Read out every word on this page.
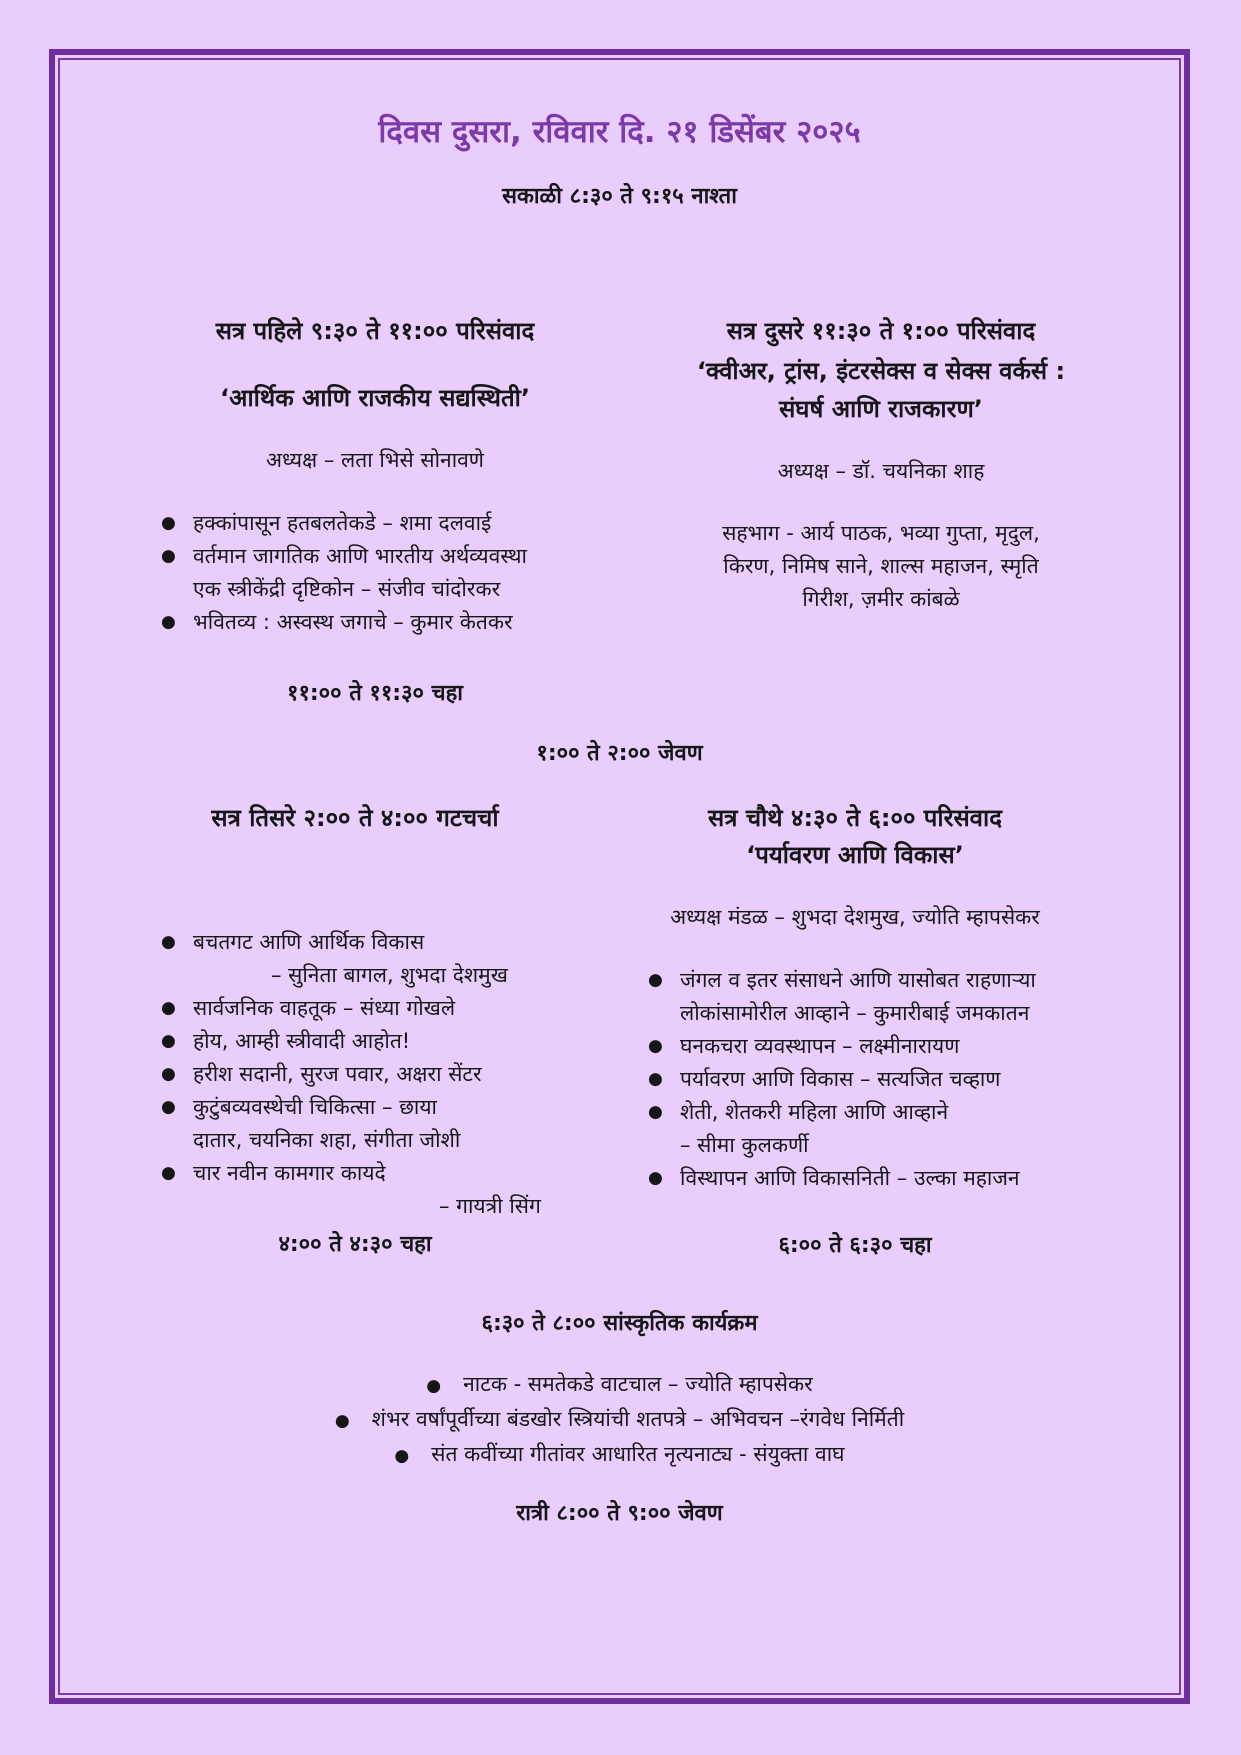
दिवस दुसरा, रविवार दि. २१ डिसेंबर २०२५
सकाळी ८:३० ते ९:१५ नाश्ता
सत्र पहिले ९:३० ते ११:०० परिसंवाद
‘आर्थिक आणि राजकीय सद्यस्थिती’
अध्यक्ष – लता भिसे सोनावणे
● हक्कांपासून हतबलतेकडे – शमा दलवाई
● वर्तमान जागतिक आणि भारतीय अर्थव्यवस्था
एक स्त्रीकेंद्री दृष्टिकोन – संजीव चांदोरकर
● भवितव्य : अस्वस्थ जगाचे – कुमार केतकर
११:०० ते ११:३० चहा
सत्र दुसरे ११:३० ते १:०० परिसंवाद
‘क्वीअर, ट्रांस, इंटरसेक्स व सेक्स वर्कर्स :
संघर्ष आणि राजकारण’
अध्यक्ष – डॉ. चयनिका शाह
सहभाग - आर्य पाठक, भव्या गुप्ता, मृदुल,
किरण, निमिष साने, शाल्स महाजन, स्मृति
गिरीश, ज़मीर कांबळे
१:०० ते २:०० जेवण
सत्र तिसरे २:०० ते ४:०० गटचर्चा
● बचतगट आणि आर्थिक विकास
– सुनिता बागल, शुभदा देशमुख
● सार्वजनिक वाहतूक – संध्या गोखले
● होय, आम्ही स्त्रीवादी आहोत!
● हरीश सदानी, सुरज पवार, अक्षरा सेंटर
● कुटुंबव्यवस्थेची चिकित्सा – छाया
दातार, चयनिका शहा, संगीता जोशी
● चार नवीन कामगार कायदे
– गायत्री सिंग
४:०० ते ४:३० चहा
सत्र चौथे ४:३० ते ६:०० परिसंवाद
‘पर्यावरण आणि विकास’
अध्यक्ष मंडळ – शुभदा देशमुख, ज्योति म्हापसेकर
● जंगल व इतर संसाधने आणि यासोबत राहणाऱ्या
लोकांसामोरील आव्हाने – कुमारीबाई जमकातन
● घनकचरा व्यवस्थापन – लक्ष्मीनारायण
● पर्यावरण आणि विकास – सत्यजित चव्हाण
● शेती, शेतकरी महिला आणि आव्हाने
– सीमा कुलकर्णी
● विस्थापन आणि विकासनिती – उल्का महाजन
६:०० ते ६:३० चहा
६:३० ते ८:०० सांस्कृतिक कार्यक्रम
● नाटक - समतेकडे वाटचाल – ज्योति म्हापसेकर
● शंभर वर्षांपूर्वीच्या बंडखोर स्त्रियांची शतपत्रे – अभिवचन –रंगवेध निर्मिती
● संत कवींच्या गीतांवर आधारित नृत्यनाट्य - संयुक्ता वाघ
रात्री ८:०० ते ९:०० जेवण
